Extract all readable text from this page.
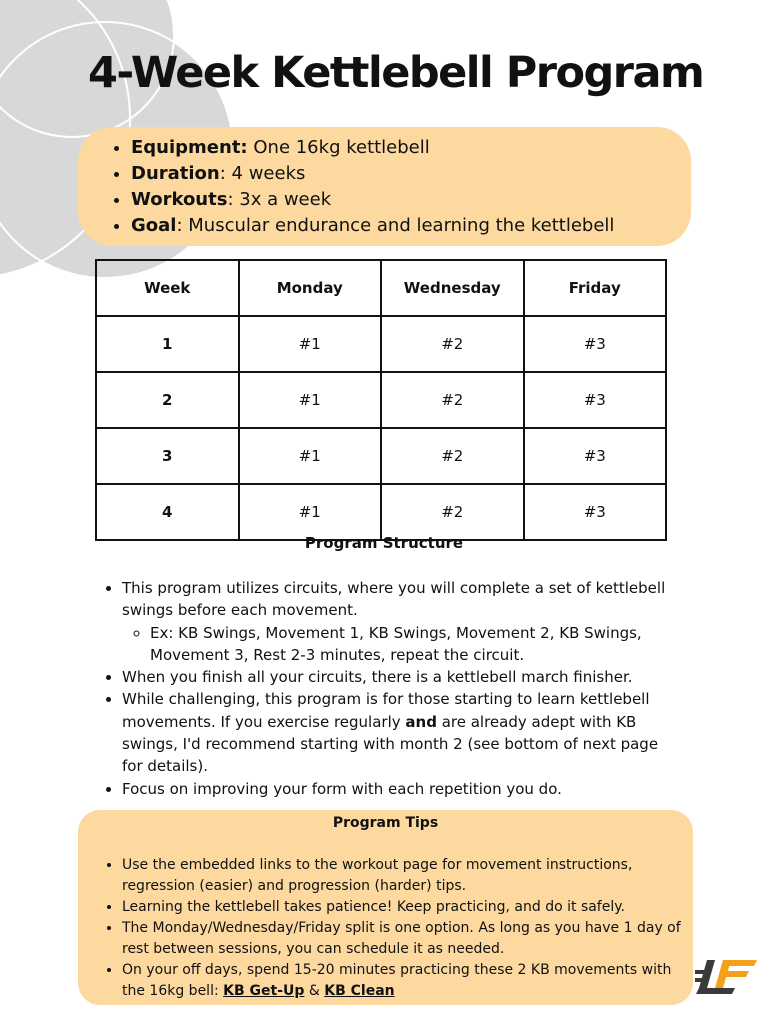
4-Week Kettlebell Program
• Equipment: One 16kg kettlebell
• Duration: 4 weeks
• Workouts: 3x a week
• Goal: Muscular endurance and learning the kettlebell
Week	Monday	Wednesday	Friday
1	#1	#2	#3
2	#1	#2	#3
3	#1	#2	#3
4	#1	#2	#3
Program Structure
• This program utilizes circuits, where you will complete a set of kettlebell swings before each movement.
◦ Ex: KB Swings, Movement 1, KB Swings, Movement 2, KB Swings, Movement 3, Rest 2-3 minutes, repeat the circuit.
• When you finish all your circuits, there is a kettlebell march finisher.
• While challenging, this program is for those starting to learn kettlebell movements. If you exercise regularly and are already adept with KB swings, I'd recommend starting with month 2 (see bottom of next page for details).
• Focus on improving your form with each repetition you do.
Program Tips
• Use the embedded links to the workout page for movement instructions, regression (easier) and progression (harder) tips.
• Learning the kettlebell takes patience! Keep practicing, and do it safely.
• The Monday/Wednesday/Friday split is one option. As long as you have 1 day of rest between sessions, you can schedule it as needed.
• On your off days, spend 15-20 minutes practicing these 2 KB movements with the 16kg bell: KB Get-Up & KB Clean
